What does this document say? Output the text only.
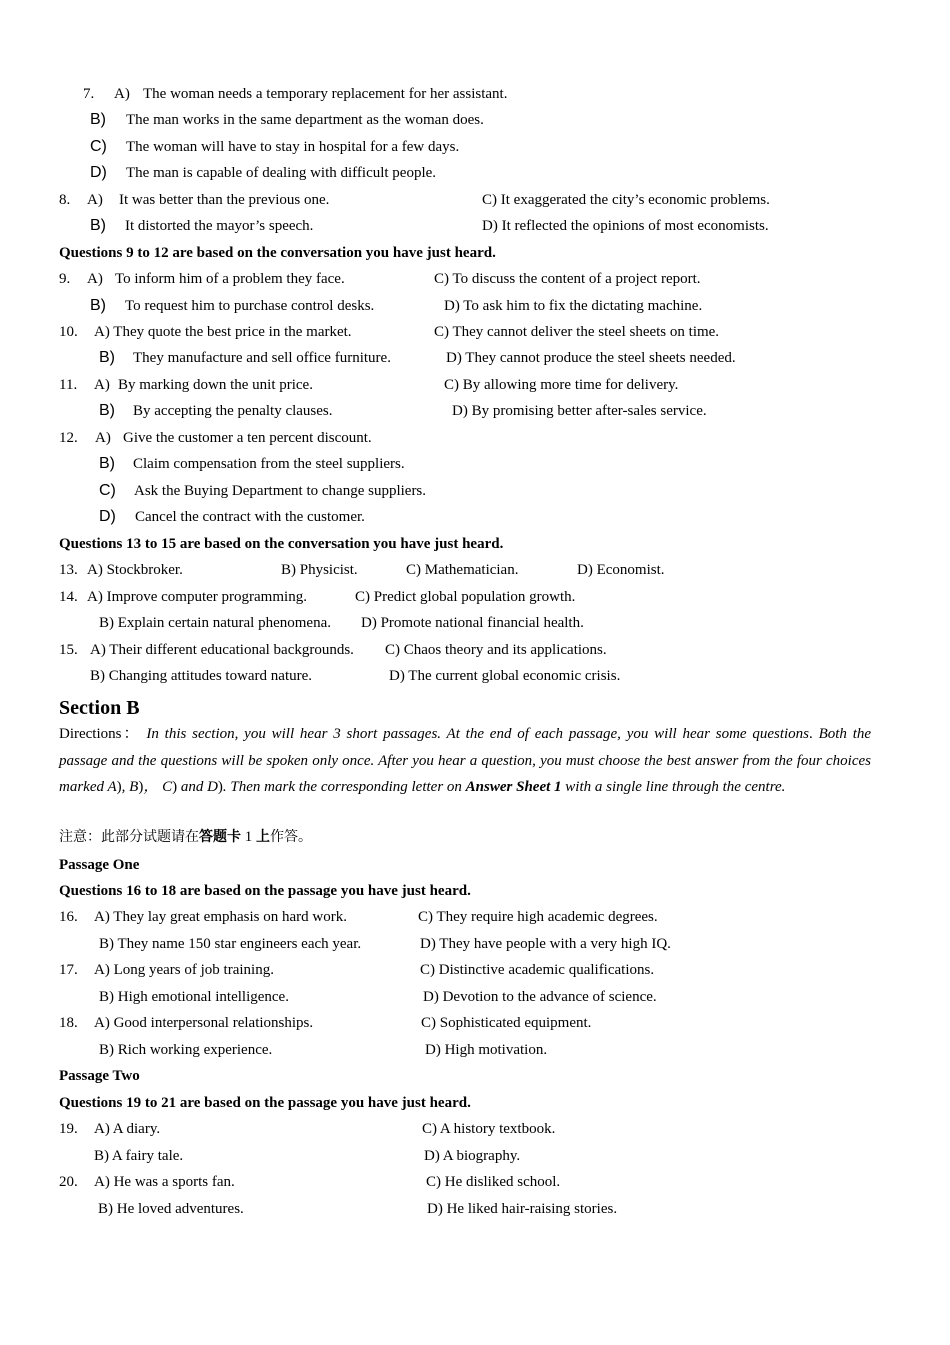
7. A) The woman needs a temporary replacement for her assistant.
B) The man works in the same department as the woman does.
C) The woman will have to stay in hospital for a few days.
D) The man is capable of dealing with difficult people.
8. A) It was better than the previous one.	C) It exaggerated the city’s economic problems.
B) It distorted the mayor’s speech.	D) It reflected the opinions of most economists.
Questions 9 to 12 are based on the conversation you have just heard.
9. A) To inform him of a problem they face.	C) To discuss the content of a project report.
B) To request him to purchase control desks.	D) To ask him to fix the dictating machine.
10. A) They quote the best price in the market.	C) They cannot deliver the steel sheets on time.
B) They manufacture and sell office furniture.	D) They cannot produce the steel sheets needed.
11. A) By marking down the unit price.	C) By allowing more time for delivery.
B) By accepting the penalty clauses.	D) By promising better after-sales service.
12. A) Give the customer a ten percent discount.
B) Claim compensation from the steel suppliers.
C) Ask the Buying Department to change suppliers.
D) Cancel the contract with the customer.
Questions 13 to 15 are based on the conversation you have just heard.
13. A) Stockbroker.	B) Physicist.	C) Mathematician.	D) Economist.
14. A) Improve computer programming.	C) Predict global population growth.
B) Explain certain natural phenomena. D) Promote national financial health.
15. A) Their different educational backgrounds. C) Chaos theory and its applications.
B) Changing attitudes toward nature.	D) The current global economic crisis.
Section B
Directions： In this section, you will hear 3 short passages. At the end of each passage, you will hear some questions. Both the passage and the questions will be spoken only once. After you hear a question, you must choose the best answer from the four choices marked A), B)， C) and D). Then mark the corresponding letter on Answer Sheet 1 with a single line through the centre.
注意：此部分试题请在答题卡 1 上作答。
Passage One
Questions 16 to 18 are based on the passage you have just heard.
16. A) They lay great emphasis on hard work.	C) They require high academic degrees.
B) They name 150 star engineers each year.	D) They have people with a very high IQ.
17. A) Long years of job training.	C) Distinctive academic qualifications.
B) High emotional intelligence.	D) Devotion to the advance of science.
18. A) Good interpersonal relationships.	C) Sophisticated equipment.
B) Rich working experience.	D) High motivation.
Passage Two
Questions 19 to 21 are based on the passage you have just heard.
19. A) A diary.	C) A history textbook.
B) A fairy tale.	D) A biography.
20. A) He was a sports fan.	C) He disliked school.
B) He loved adventures.	D) He liked hair-raising stories.
